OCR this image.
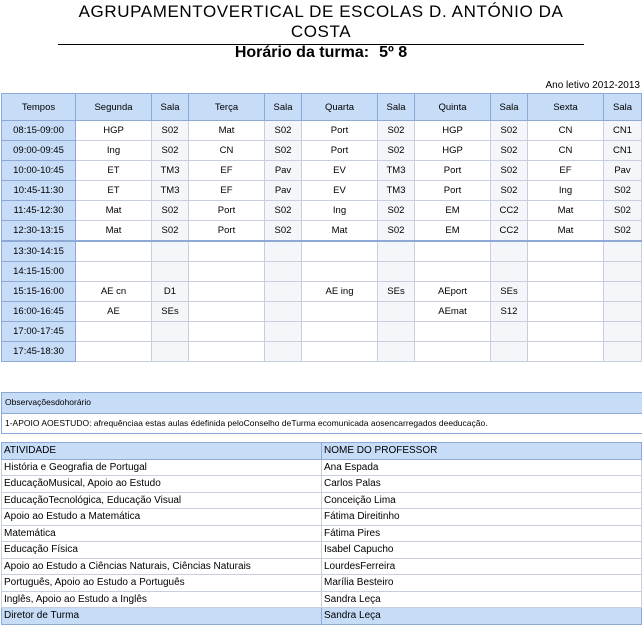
AGRUPAMENTOVERTICAL DE ESCOLAS D. ANTÓNIO DA COSTA
Horário da turma: 5º 8
Ano letivo 2012-2013
Tempos	Segunda	Sala	Terça	Sala	Quarta	Sala	Quinta	Sala	Sexta	Sala
08:15-09:00	HGP	S02	Mat	S02	Port	S02	HGP	S02	CN	CN1
09:00-09:45	Ing	S02	CN	S02	Port	S02	HGP	S02	CN	CN1
10:00-10:45	ET	TM3	EF	Pav	EV	TM3	Port	S02	EF	Pav
10:45-11:30	ET	TM3	EF	Pav	EV	TM3	Port	S02	Ing	S02
11:45-12:30	Mat	S02	Port	S02	Ing	S02	EM	CC2	Mat	S02
12:30-13:15	Mat	S02	Port	S02	Mat	S02	EM	CC2	Mat	S02
13:30-14:15										
14:15-15:00										
15:15-16:00	AE cn	D1			AE ing	SEs	AEport	SEs		
16:00-16:45	AE	SEs					AEmat	S12		
17:00-17:45										
17:45-18:30										
Observaçõesdohorário
1-APOIO AOESTUDO: afrequênciaa estas aulas édefinida peloConselho deTurma ecomunicada aosencarregados deeducação.
ATIVIDADE	NOME DO PROFESSOR
História e Geografia de Portugal	Ana Espada
EducaçãoMusical, Apoio ao Estudo	Carlos Palas
EducaçãoTecnológica, Educação Visual	Conceição Lima
Apoio ao Estudo a Matemática	Fátima Direitinho
Matemática	Fátima Pires
Educação Física	Isabel Capucho
Apoio ao Estudo a Ciências Naturais, Ciências Naturais	LourdesFerreira
Português, Apoio ao Estudo a Português	Marília Besteiro
Inglês, Apoio ao Estudo a Inglês	Sandra Leça
Diretor de Turma	Sandra Leça
